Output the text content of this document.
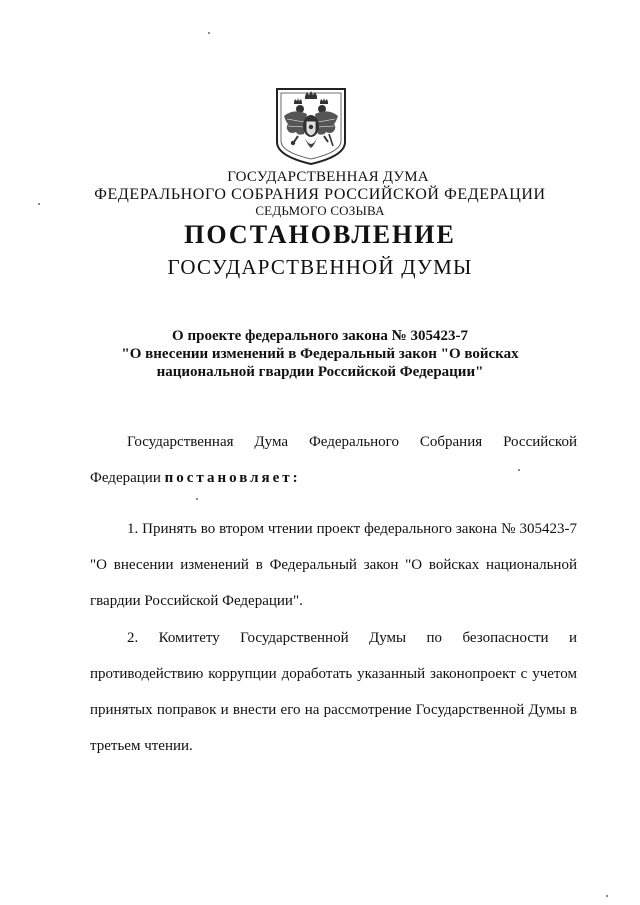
ГОСУДАРСТВЕННАЯ ДУМА
ФЕДЕРАЛЬНОГО СОБРАНИЯ РОССИЙСКОЙ ФЕДЕРАЦИИ
СЕДЬМОГО СОЗЫВА
ПОСТАНОВЛЕНИЕ
ГОСУДАРСТВЕННОЙ ДУМЫ
О проекте федерального закона № 305423-7
"О внесении изменений в Федеральный закон "О войсках
национальной гвардии Российской Федерации"
Государственная Дума Федерального Собрания Российской
Федерации постановляет:
1. Принять во втором чтении проект федерального закона № 305423-7 "О внесении изменений в Федеральный закон "О войсках национальной гвардии Российской Федерации".
2. Комитету Государственной Думы по безопасности и противодействию коррупции доработать указанный законопроект с учетом принятых поправок и внести его на рассмотрение Государственной Думы в третьем чтении.
